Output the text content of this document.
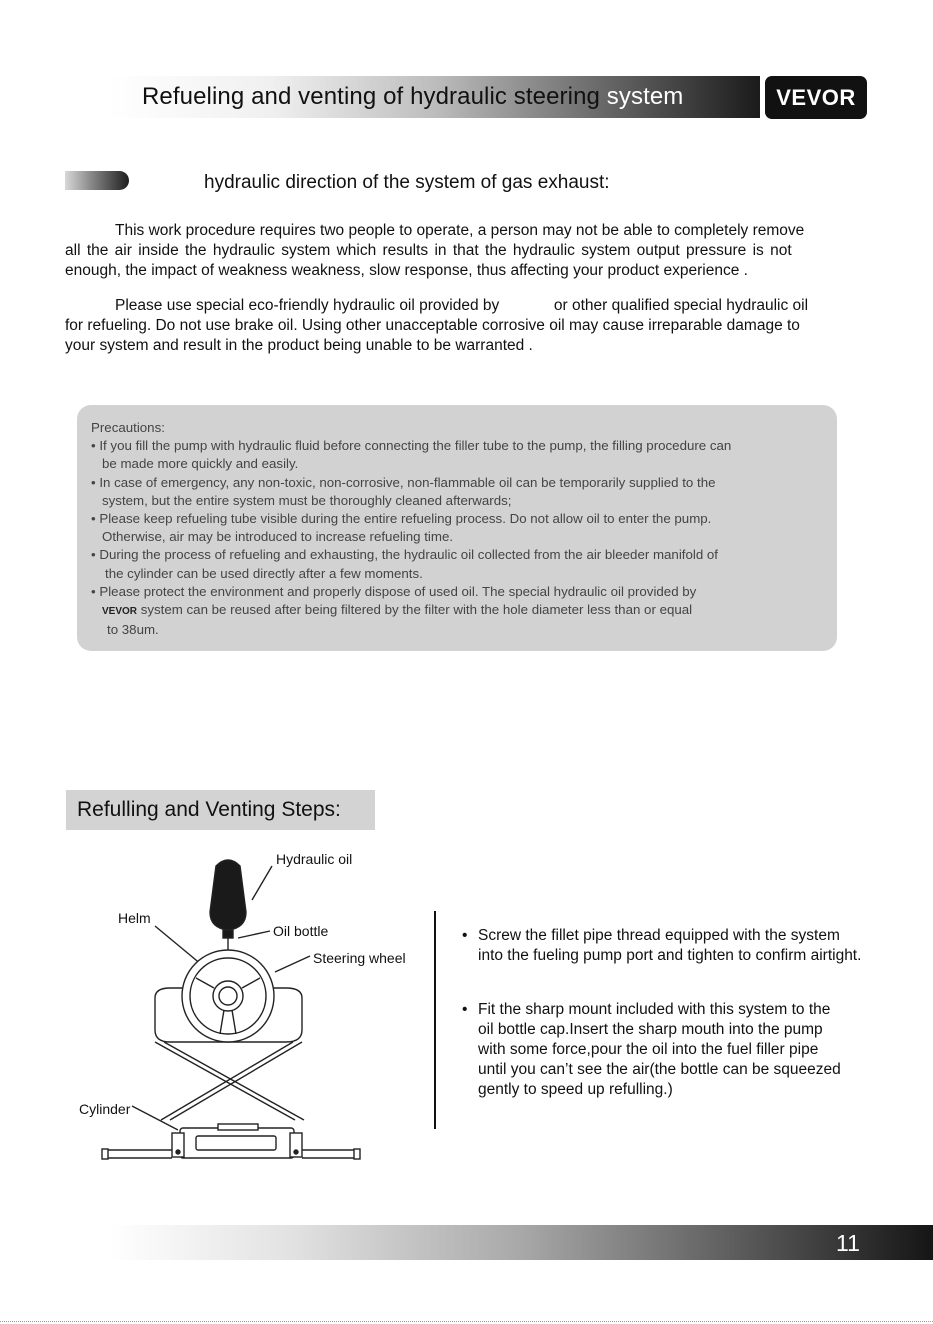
Refueling and venting of hydraulic steering system	VEVOR
hydraulic direction of the system of gas exhaust:
This work procedure requires two people to operate, a person may not be able to completely remove
all the air inside the hydraulic system which results in that the hydraulic system output pressure is not
enough, the impact of weakness weakness, slow response, thus affecting your product experience .
Please use special eco-friendly hydraulic oil provided by	or other qualified special hydraulic oil
for refueling. Do not use brake oil. Using other unacceptable corrosive oil may cause irreparable damage to
your system and result in the product being unable to be warranted .
Precautions:
• If you fill the pump with hydraulic fluid before connecting the filler tube to the pump, the filling procedure can
be made more quickly and easily.
• In case of emergency, any non-toxic, non-corrosive, non-flammable oil can be temporarily supplied to the
system, but the entire system must be thoroughly cleaned afterwards;
• Please keep refueling tube visible during the entire refueling process. Do not allow oil to enter the pump.
Otherwise, air may be introduced to increase refueling time.
• During the process of refueling and exhausting, the hydraulic oil collected from the air bleeder manifold of
the cylinder can be used directly after a few moments.
• Please protect the environment and properly dispose of used oil. The special hydraulic oil provided by
VEVOR system can be reused after being filtered by the filter with the hole diameter less than or equal
to 38um.
Refulling and Venting Steps:
Hydraulic oil
Helm
Oil bottle
Steering wheel
Cylinder
• Screw the fillet pipe thread equipped with the system
into the fueling pump port and tighten to confirm airtight.
• Fit the sharp mount included with this system to the
oil bottle cap.Insert the sharp mouth into the pump
with some force,pour the oil into the fuel filler pipe
until you can’t see the air(the bottle can be squeezed
gently to speed up refulling.)
11
